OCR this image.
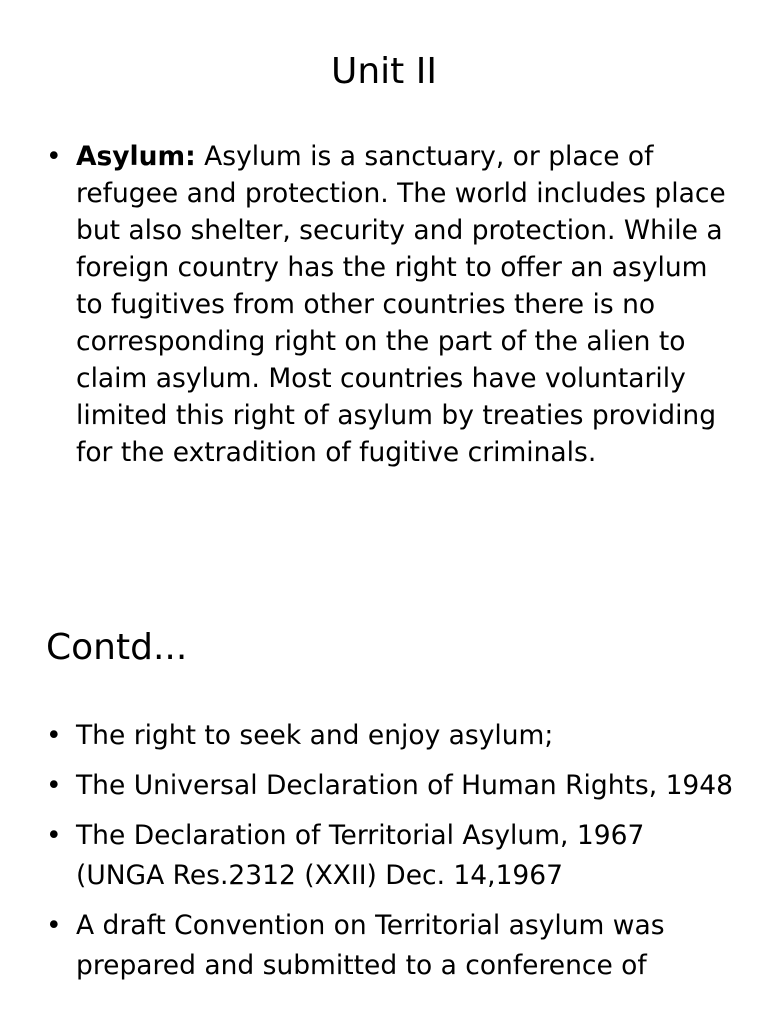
Unit II
• Asylum: Asylum is a sanctuary, or place of refugee and protection. The world includes place but also shelter, security and protection. While a foreign country has the right to offer an asylum to fugitives from other countries there is no corresponding right on the part of the alien to claim asylum. Most countries have voluntarily limited this right of asylum by treaties providing for the extradition of fugitive criminals.
Contd...
• The right to seek and enjoy asylum;
• The Universal Declaration of Human Rights, 1948
• The Declaration of Territorial Asylum, 1967 (UNGA Res.2312 (XXII) Dec. 14,1967
• A draft Convention on Territorial asylum was prepared and submitted to a conference of
